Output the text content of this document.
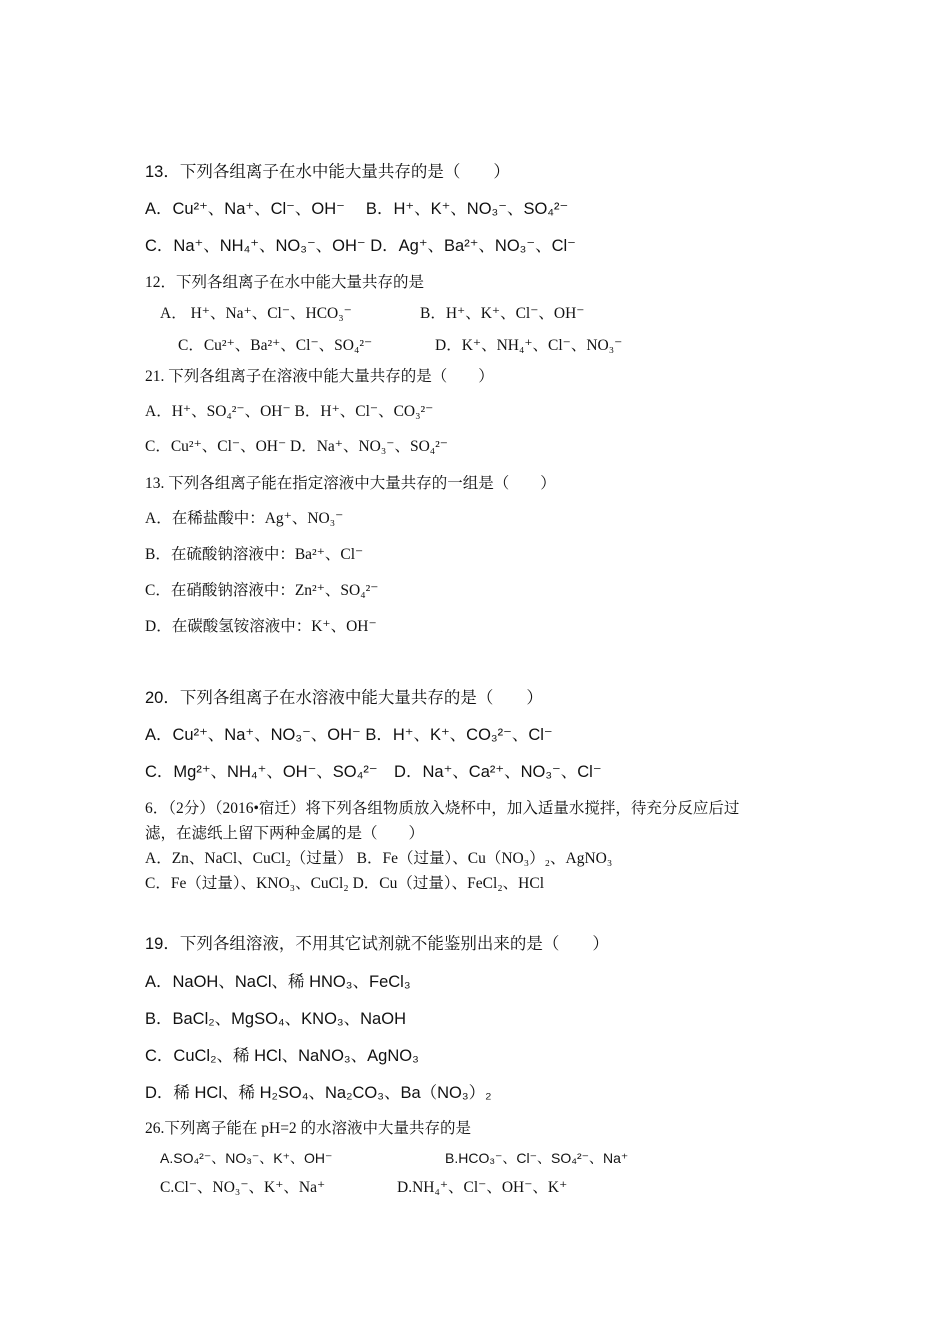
13．下列各组离子在水中能大量共存的是（　　）
A．Cu²⁺、Na⁺、Cl⁻、OH⁻　 B．H⁺、K⁺、NO₃⁻、SO₄²⁻
C．Na⁺、NH₄⁺、NO₃⁻、OH⁻ D．Ag⁺、Ba²⁺、NO₃⁻、Cl⁻
12．下列各组离子在水中能大量共存的是
A． H⁺、Na⁺、Cl⁻、HCO₃⁻	B．H⁺、K⁺、Cl⁻、OH⁻
C．Cu²⁺、Ba²⁺、Cl⁻、SO₄²⁻	D．K⁺、NH₄⁺、Cl⁻、NO₃⁻
21. 下列各组离子在溶液中能大量共存的是（　　）
A．H⁺、SO₄²⁻、OH⁻ B．H⁺、Cl⁻、CO₃²⁻
C．Cu²⁺、Cl⁻、OH⁻ D．Na⁺、NO₃⁻、SO₄²⁻
13. 下列各组离子能在指定溶液中大量共存的一组是（　　）
A．在稀盐酸中：Ag⁺、NO₃⁻
B．在硫酸钠溶液中：Ba²⁺、Cl⁻
C．在硝酸钠溶液中：Zn²⁺、SO₄²⁻
D．在碳酸氢铵溶液中：K⁺、OH⁻
20．下列各组离子在水溶液中能大量共存的是（　　）
A．Cu²⁺、Na⁺、NO₃⁻、OH⁻ B．H⁺、K⁺、CO₃²⁻、Cl⁻
C．Mg²⁺、NH₄⁺、OH⁻、SO₄²⁻　D．Na⁺、Ca²⁺、NO₃⁻、Cl⁻
6．（2分）（2016•宿迁）将下列各组物质放入烧杯中，加入适量水搅拌，待充分反应后过
滤，在滤纸上留下两种金属的是（　　）
A．Zn、NaCl、CuCl₂（过量） B．Fe（过量）、Cu（NO₃）₂、AgNO₃
C．Fe（过量）、KNO₃、CuCl₂ D．Cu（过量）、FeCl₂、HCl
19．下列各组溶液，不用其它试剂就不能鉴别出来的是（　　）
A．NaOH、NaCl、稀 HNO₃、FeCl₃
B．BaCl₂、MgSO₄、KNO₃、NaOH
C．CuCl₂、稀 HCl、NaNO₃、AgNO₃
D．稀 HCl、稀 H₂SO₄、Na₂CO₃、Ba（NO₃）₂
26.下列离子能在 pH=2 的水溶液中大量共存的是
A.SO₄²⁻、NO₃⁻、K⁺、OH⁻	B.HCO₃⁻、Cl⁻、SO₄²⁻、Na⁺
C.Cl⁻、NO₃⁻、K⁺、Na⁺	D.NH₄⁺、Cl⁻、OH⁻、K⁺
